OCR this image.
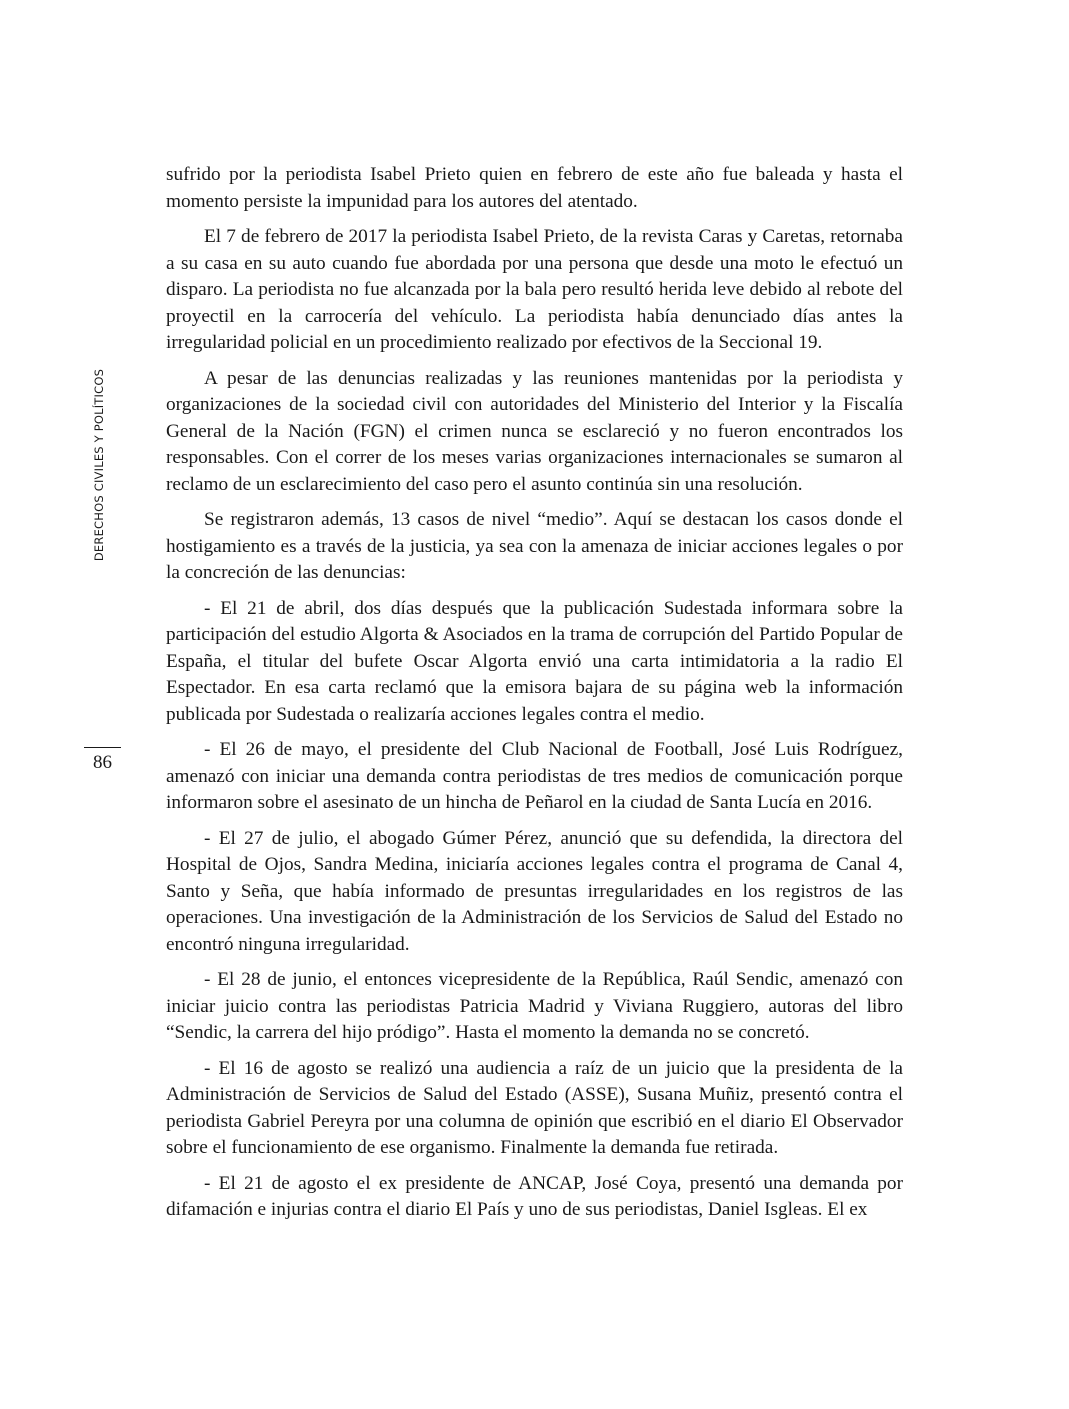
DERECHOS CIVILES Y POLÍTICOS
86

sufrido por la periodista Isabel Prieto quien en febrero de este año fue baleada y hasta el momento persiste la impunidad para los autores del atentado.

El 7 de febrero de 2017 la periodista Isabel Prieto, de la revista Caras y Caretas, retornaba a su casa en su auto cuando fue abordada por una persona que desde una moto le efectuó un disparo. La periodista no fue alcanzada por la bala pero resultó herida leve debido al rebote del proyectil en la carrocería del vehículo. La periodista había denunciado días antes la irregularidad policial en un procedimiento realizado por efectivos de la Seccional 19.

A pesar de las denuncias realizadas y las reuniones mantenidas por la periodista y organizaciones de la sociedad civil con autoridades del Ministerio del Interior y la Fiscalía General de la Nación (FGN) el crimen nunca se esclareció y no fueron encontrados los responsables. Con el correr de los meses varias organizaciones internacionales se sumaron al reclamo de un esclarecimiento del caso pero el asunto continúa sin una resolución.

Se registraron además, 13 casos de nivel “medio”. Aquí se destacan los casos donde el hostigamiento es a través de la justicia, ya sea con la amenaza de iniciar acciones legales o por la concreción de las denuncias:

- El 21 de abril, dos días después que la publicación Sudestada informara sobre la participación del estudio Algorta & Asociados en la trama de corrupción del Partido Popular de España, el titular del bufete Oscar Algorta envió una carta intimidatoria a la radio El Espectador. En esa carta reclamó que la emisora bajara de su página web la información publicada por Sudestada o realizaría acciones legales contra el medio.

- El 26 de mayo, el presidente del Club Nacional de Football, José Luis Rodríguez, amenazó con iniciar una demanda contra periodistas de tres medios de comunicación porque informaron sobre el asesinato de un hincha de Peñarol en la ciudad de Santa Lucía en 2016.

- El 27 de julio, el abogado Gúmer Pérez, anunció que su defendida, la directora del Hospital de Ojos, Sandra Medina, iniciaría acciones legales contra el programa de Canal 4, Santo y Seña, que había informado de presuntas irregularidades en los registros de las operaciones. Una investigación de la Administración de los Servicios de Salud del Estado no encontró ninguna irregularidad.

- El 28 de junio, el entonces vicepresidente de la República, Raúl Sendic, amenazó con iniciar juicio contra las periodistas Patricia Madrid y Viviana Ruggiero, autoras del libro “Sendic, la carrera del hijo pródigo”. Hasta el momento la demanda no se concretó.

- El 16 de agosto se realizó una audiencia a raíz de un juicio que la presidenta de la Administración de Servicios de Salud del Estado (ASSE), Susana Muñiz, presentó contra el periodista Gabriel Pereyra por una columna de opinión que escribió en el diario El Observador sobre el funcionamiento de ese organismo. Finalmente la demanda fue retirada.

- El 21 de agosto el ex presidente de ANCAP, José Coya, presentó una demanda por difamación e injurias contra el diario El País y uno de sus periodistas, Daniel Isgleas. El ex
